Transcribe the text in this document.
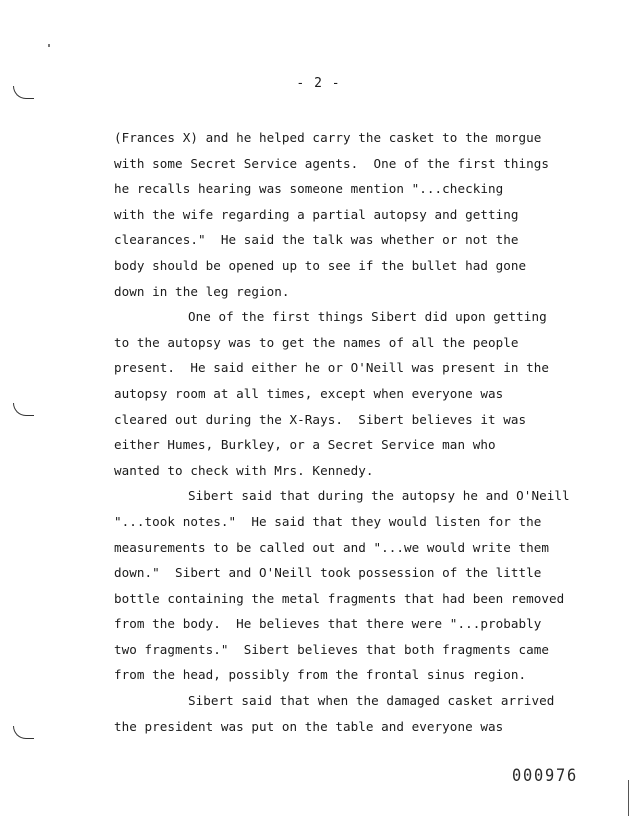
- 2 -
(Frances X) and he helped carry the casket to the morgue
with some Secret Service agents.  One of the first things
he recalls hearing was someone mention "...checking
with the wife regarding a partial autopsy and getting
clearances."  He said the talk was whether or not the
body should be opened up to see if the bullet had gone
down in the leg region.
One of the first things Sibert did upon getting
to the autopsy was to get the names of all the people
present.  He said either he or O'Neill was present in the
autopsy room at all times, except when everyone was
cleared out during the X-Rays.  Sibert believes it was
either Humes, Burkley, or a Secret Service man who
wanted to check with Mrs. Kennedy.
Sibert said that during the autopsy he and O'Neill
"...took notes."  He said that they would listen for the
measurements to be called out and "...we would write them
down."  Sibert and O'Neill took possession of the little
bottle containing the metal fragments that had been removed
from the body.  He believes that there were "...probably
two fragments."  Sibert believes that both fragments came
from the head, possibly from the frontal sinus region.
Sibert said that when the damaged casket arrived
the president was put on the table and everyone was
000976
